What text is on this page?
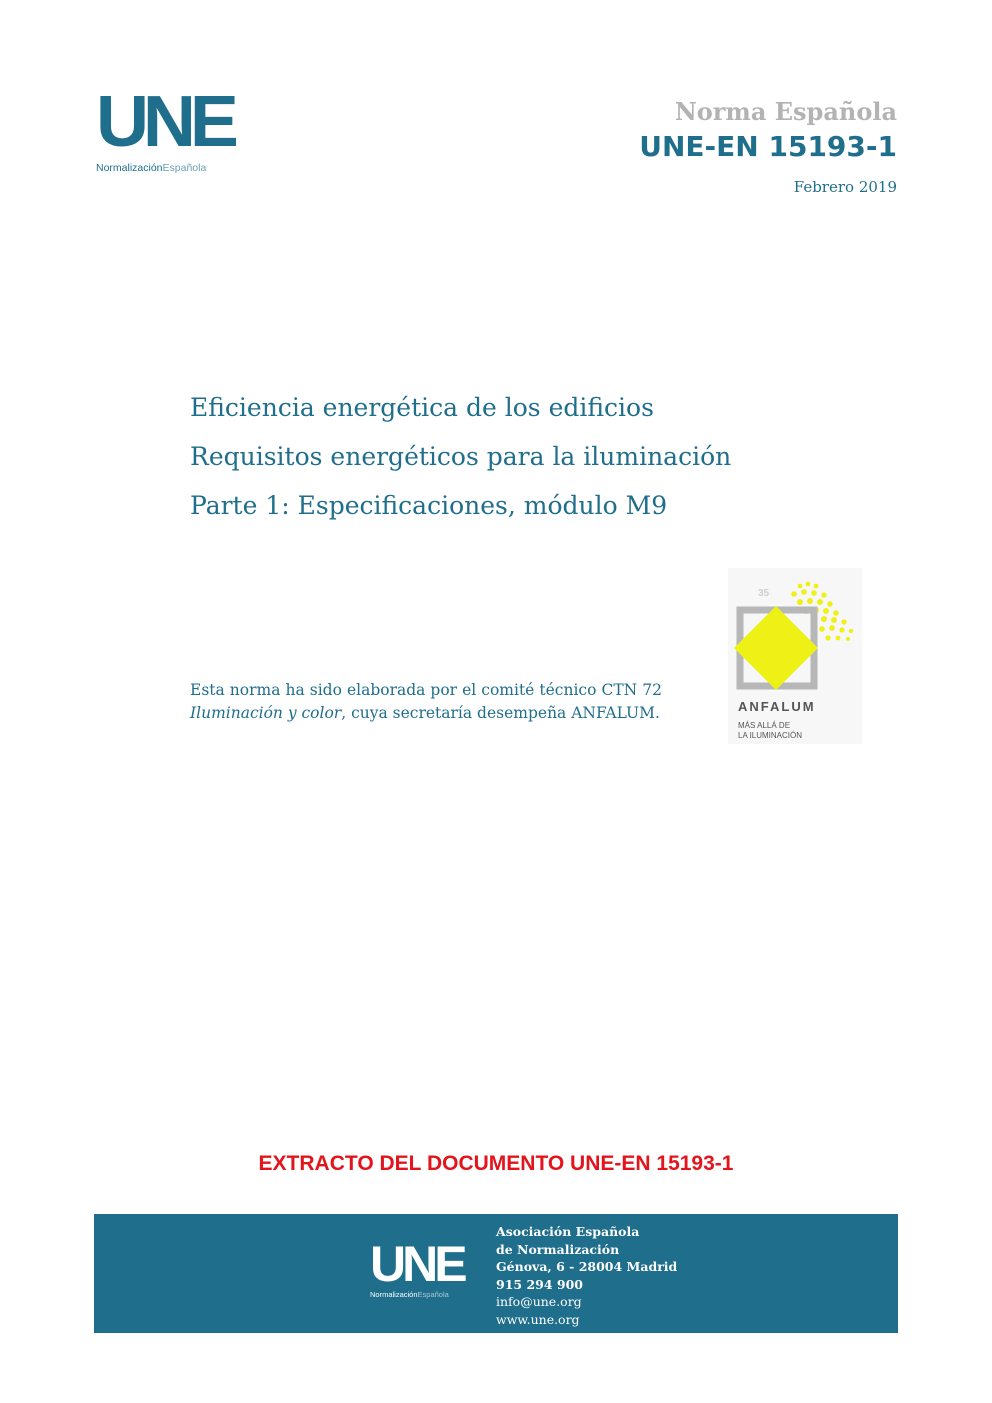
UNE
NormalizaciónEspañola
Norma Española
UNE-EN 15193-1
Febrero 2019
Eficiencia energética de los edificios
Requisitos energéticos para la iluminación
Parte 1: Especificaciones, módulo M9
Esta norma ha sido elaborada por el comité técnico CTN 72 Iluminación y color, cuya secretaría desempeña ANFALUM.
35
ANFALUM
MÁS ALLÁ DE
LA ILUMINACIÓN
EXTRACTO DEL DOCUMENTO UNE-EN 15193-1
UNE
NormalizaciónEspañola
Asociación Española
de Normalización
Génova, 6 - 28004 Madrid
915 294 900
info@une.org
www.une.org
